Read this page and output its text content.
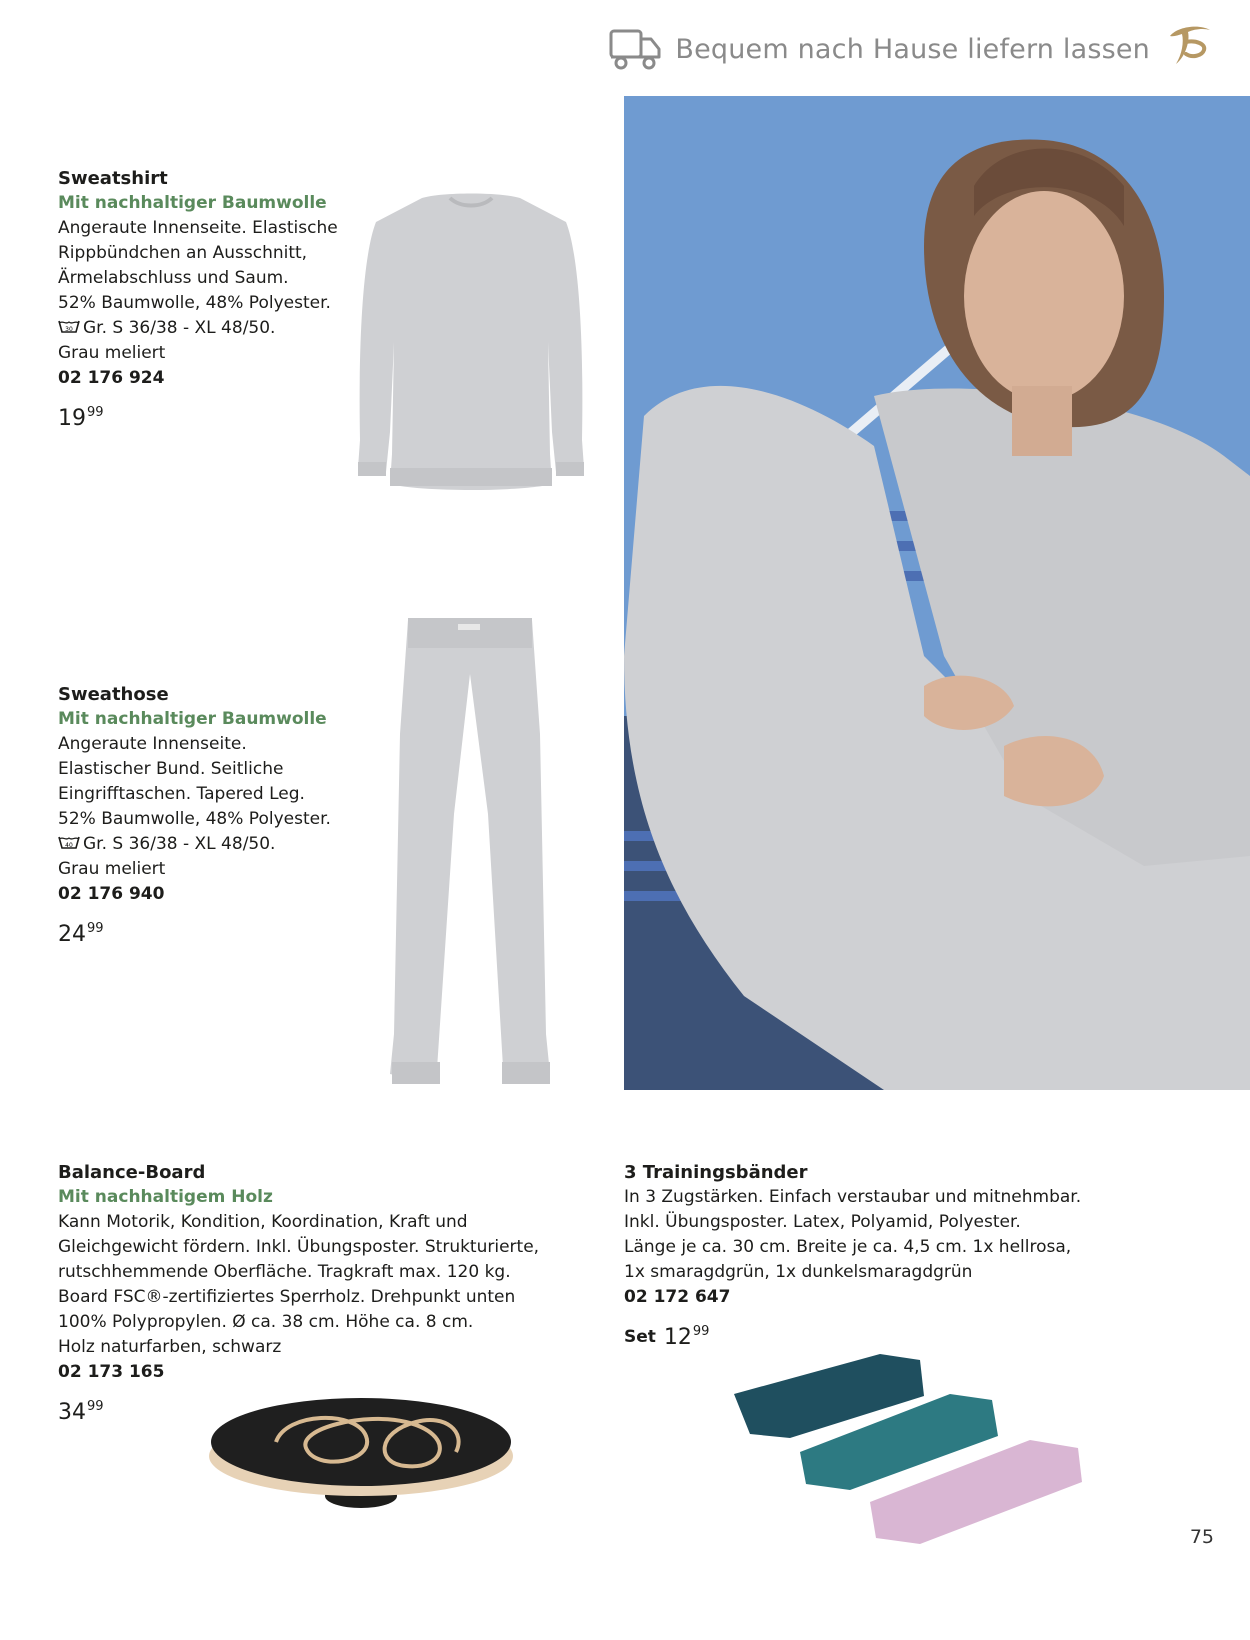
Bequem nach Hause liefern lassen
Sweatshirt
Mit nachhaltiger Baumwolle
Angeraute Innenseite. Elastische
Rippbündchen an Ausschnitt,
Ärmelabschluss und Saum.
52% Baumwolle, 48% Polyester.
30 Gr. S 36/38 - XL 48/50.
Grau meliert
02 176 924
$19^{99}$
Sweathose
Mit nachhaltiger Baumwolle
Angeraute Innenseite.
Elastischer Bund. Seitliche
Eingrifftaschen. Tapered Leg.
52% Baumwolle, 48% Polyester.
40 Gr. S 36/38 - XL 48/50.
Grau meliert
02 176 940
$24^{99}$
Balance-Board
Mit nachhaltigem Holz
Kann Motorik, Kondition, Koordination, Kraft und
Gleichgewicht fördern. Inkl. Übungsposter. Strukturierte,
rutschhemmende Oberfläche. Tragkraft max. 120 kg.
Board FSC®-zertifiziertes Sperrholz. Drehpunkt unten
100% Polypropylen. Ø ca. 38 cm. Höhe ca. 8 cm.
Holz naturfarben, schwarz
02 173 165
$34^{99}$
3 Trainingsbänder
In 3 Zugstärken. Einfach verstaubar und mitnehmbar.
Inkl. Übungsposter. Latex, Polyamid, Polyester.
Länge je ca. 30 cm. Breite je ca. 4,5 cm. 1x hellrosa,
1x smaragdgrün, 1x dunkelsmaragdgrün
02 172 647
Set $12^{99}$
75
